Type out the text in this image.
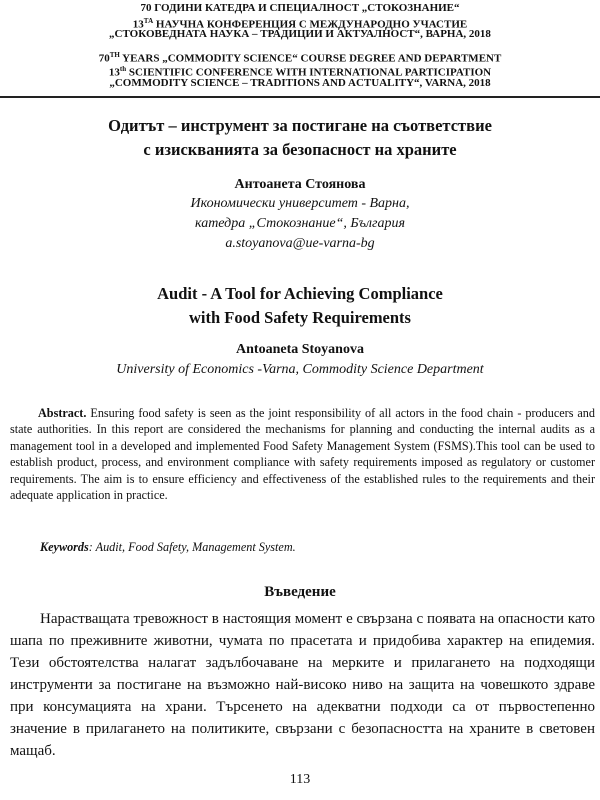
70 ГОДИНИ КАТЕДРА И СПЕЦИАЛНОСТ „СТОКОЗНАНИЕ“
$13^{ТА}$ НАУЧНА КОНФЕРЕНЦИЯ С МЕЖДУНАРОДНО УЧАСТИЕ
„СТОКОВЕДНАТА НАУКА – ТРАДИЦИИ И АКТУАЛНОСТ“, ВАРНА, 2018
70TH YEARS „COMMODITY SCIENCE“ COURSE DEGREE AND DEPARTMENT
13th SCIENTIFIC CONFERENCE WITH INTERNATIONAL PARTICIPATION
„COMMODITY SCIENCE – TRADITIONS AND ACTUALITY“, VARNA, 2018
Одитът – инструмент за постигане на съответствие
с изискванията за безопасност на храните
Антоанета Стоянова
Икономически университет - Варна,
катедра „Стокознание“, България
a.stoyanova@ue-varna-bg
Audit - A Tool for Achieving Compliance
with Food Safety Requirements
Antoaneta Stoyanova
University of Economics -Varna, Commodity Science Department
Abstract. Ensuring food safety is seen as the joint responsibility of all actors in the food chain - producers and state authorities. In this report are considered the mechanisms for planning and conducting the internal audits as a management tool in a developed and implemented Food Safety Management System (FSMS).This tool can be used to establish product, process, and environment compliance with safety requirements imposed as regulatory or customer requirements. The aim is to ensure efficiency and effectiveness of the established rules to the requirements and their adequate application in practice.
Keywords: Audit, Food Safety, Management System.
Въведение
Нарастващата тревожност в настоящия момент е свързана с появата на опасности като шапа по преживните животни, чумата по прасетата и придобива характер на епидемия. Тези обстоятелства налагат задълбочаване на мерките и прилагането на подходящи инструменти за постигане на възможно най-високо ниво на защита на човешкото здраве при консумацията на храни. Търсенето на адекватни подходи са от първостепенно значение в прилагането на политиките, свързани с безопасността на храните в световен мащаб.
113
